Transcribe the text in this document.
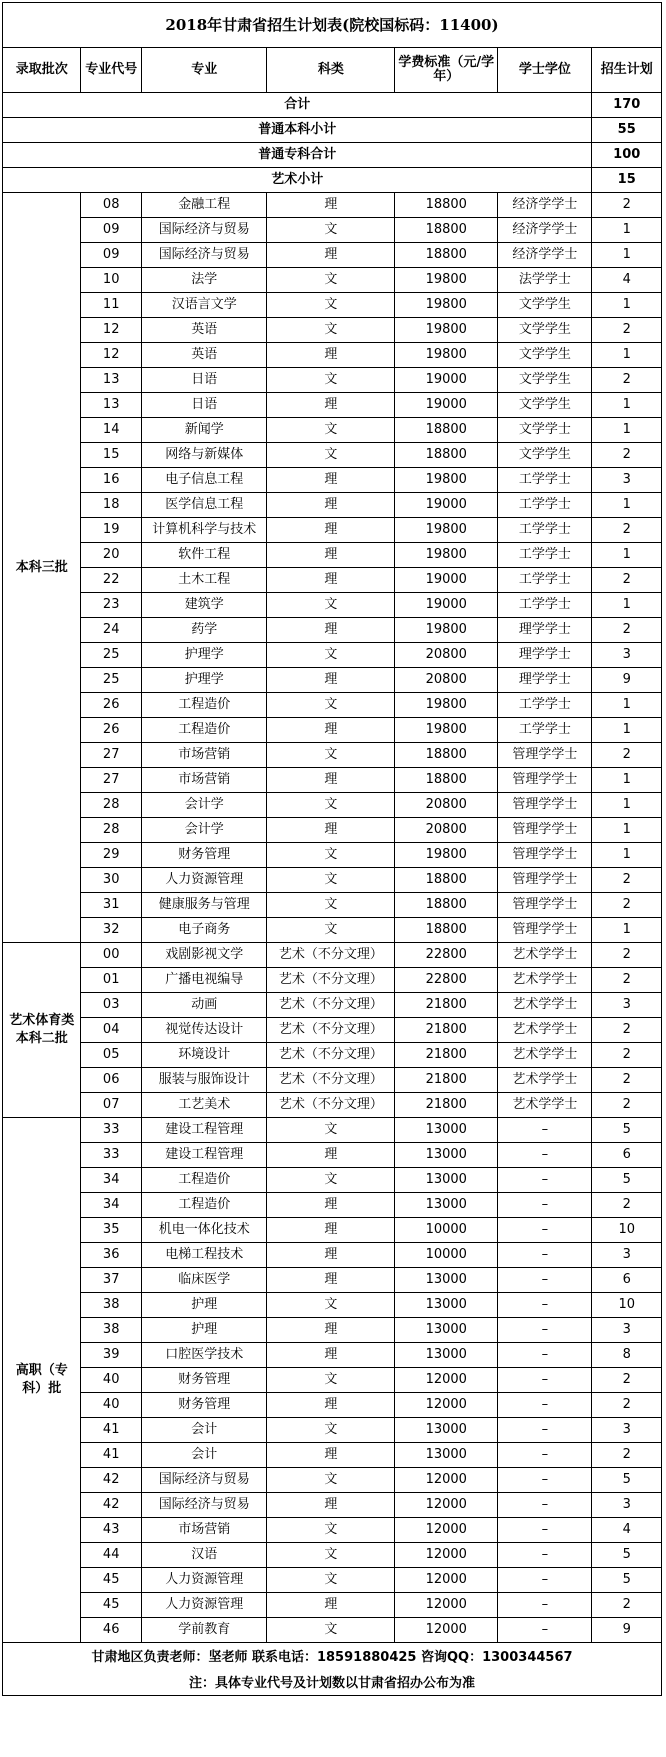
2018年甘肃省招生计划表(院校国标码：11400)						
录取批次	专业代号	专业	科类	学费标准（元/学年）	学士学位	招生计划
合计						170
普通本科小计						55
普通专科合计						100
艺术小计						15
本科三批	08	金融工程	理	18800	经济学学士	2
	09	国际经济与贸易	文	18800	经济学学士	1
	09	国际经济与贸易	理	18800	经济学学士	1
	10	法学	文	19800	法学学士	4
	11	汉语言文学	文	19800	文学学生	1
	12	英语	文	19800	文学学生	2
	12	英语	理	19800	文学学生	1
	13	日语	文	19000	文学学生	2
	13	日语	理	19000	文学学生	1
	14	新闻学	文	18800	文学学士	1
	15	网络与新媒体	文	18800	文学学生	2
	16	电子信息工程	理	19800	工学学士	3
	18	医学信息工程	理	19000	工学学士	1
	19	计算机科学与技术	理	19800	工学学士	2
	20	软件工程	理	19800	工学学士	1
	22	土木工程	理	19000	工学学士	2
	23	建筑学	文	19000	工学学士	1
	24	药学	理	19800	理学学士	2
	25	护理学	文	20800	理学学士	3
	25	护理学	理	20800	理学学士	9
	26	工程造价	文	19800	工学学士	1
	26	工程造价	理	19800	工学学士	1
	27	市场营销	文	18800	管理学学士	2
	27	市场营销	理	18800	管理学学士	1
	28	会计学	文	20800	管理学学士	1
	28	会计学	理	20800	管理学学士	1
	29	财务管理	文	19800	管理学学士	1
	30	人力资源管理	文	18800	管理学学士	2
	31	健康服务与管理	文	18800	管理学学士	2
	32	电子商务	文	18800	管理学学士	1
艺术体育类本科二批	00	戏剧影视文学	艺术（不分文理）	22800	艺术学学士	2
	01	广播电视编导	艺术（不分文理）	22800	艺术学学士	2
	03	动画	艺术（不分文理）	21800	艺术学学士	3
	04	视觉传达设计	艺术（不分文理）	21800	艺术学学士	2
	05	环境设计	艺术（不分文理）	21800	艺术学学士	2
	06	服装与服饰设计	艺术（不分文理）	21800	艺术学学士	2
	07	工艺美术	艺术（不分文理）	21800	艺术学学士	2
高职（专科）批	33	建设工程管理	文	13000	–	5
	33	建设工程管理	理	13000	–	6
	34	工程造价	文	13000	–	5
	34	工程造价	理	13000	–	2
	35	机电一体化技术	理	10000	–	10
	36	电梯工程技术	理	10000	–	3
	37	临床医学	理	13000	–	6
	38	护理	文	13000	–	10
	38	护理	理	13000	–	3
	39	口腔医学技术	理	13000	–	8
	40	财务管理	文	12000	–	2
	40	财务管理	理	12000	–	2
	41	会计	文	13000	–	3
	41	会计	理	13000	–	2
	42	国际经济与贸易	文	12000	–	5
	42	国际经济与贸易	理	12000	–	3
	43	市场营销	文	12000	–	4
	44	汉语	文	12000	–	5
	45	人力资源管理	文	12000	–	5
	45	人力资源管理	理	12000	–	2
	46	学前教育	文	12000	–	9
甘肃地区负责老师：坚老师 联系电话：18591880425 咨询QQ：1300344567						
注：具体专业代号及计划数以甘肃省招办公布为准						
